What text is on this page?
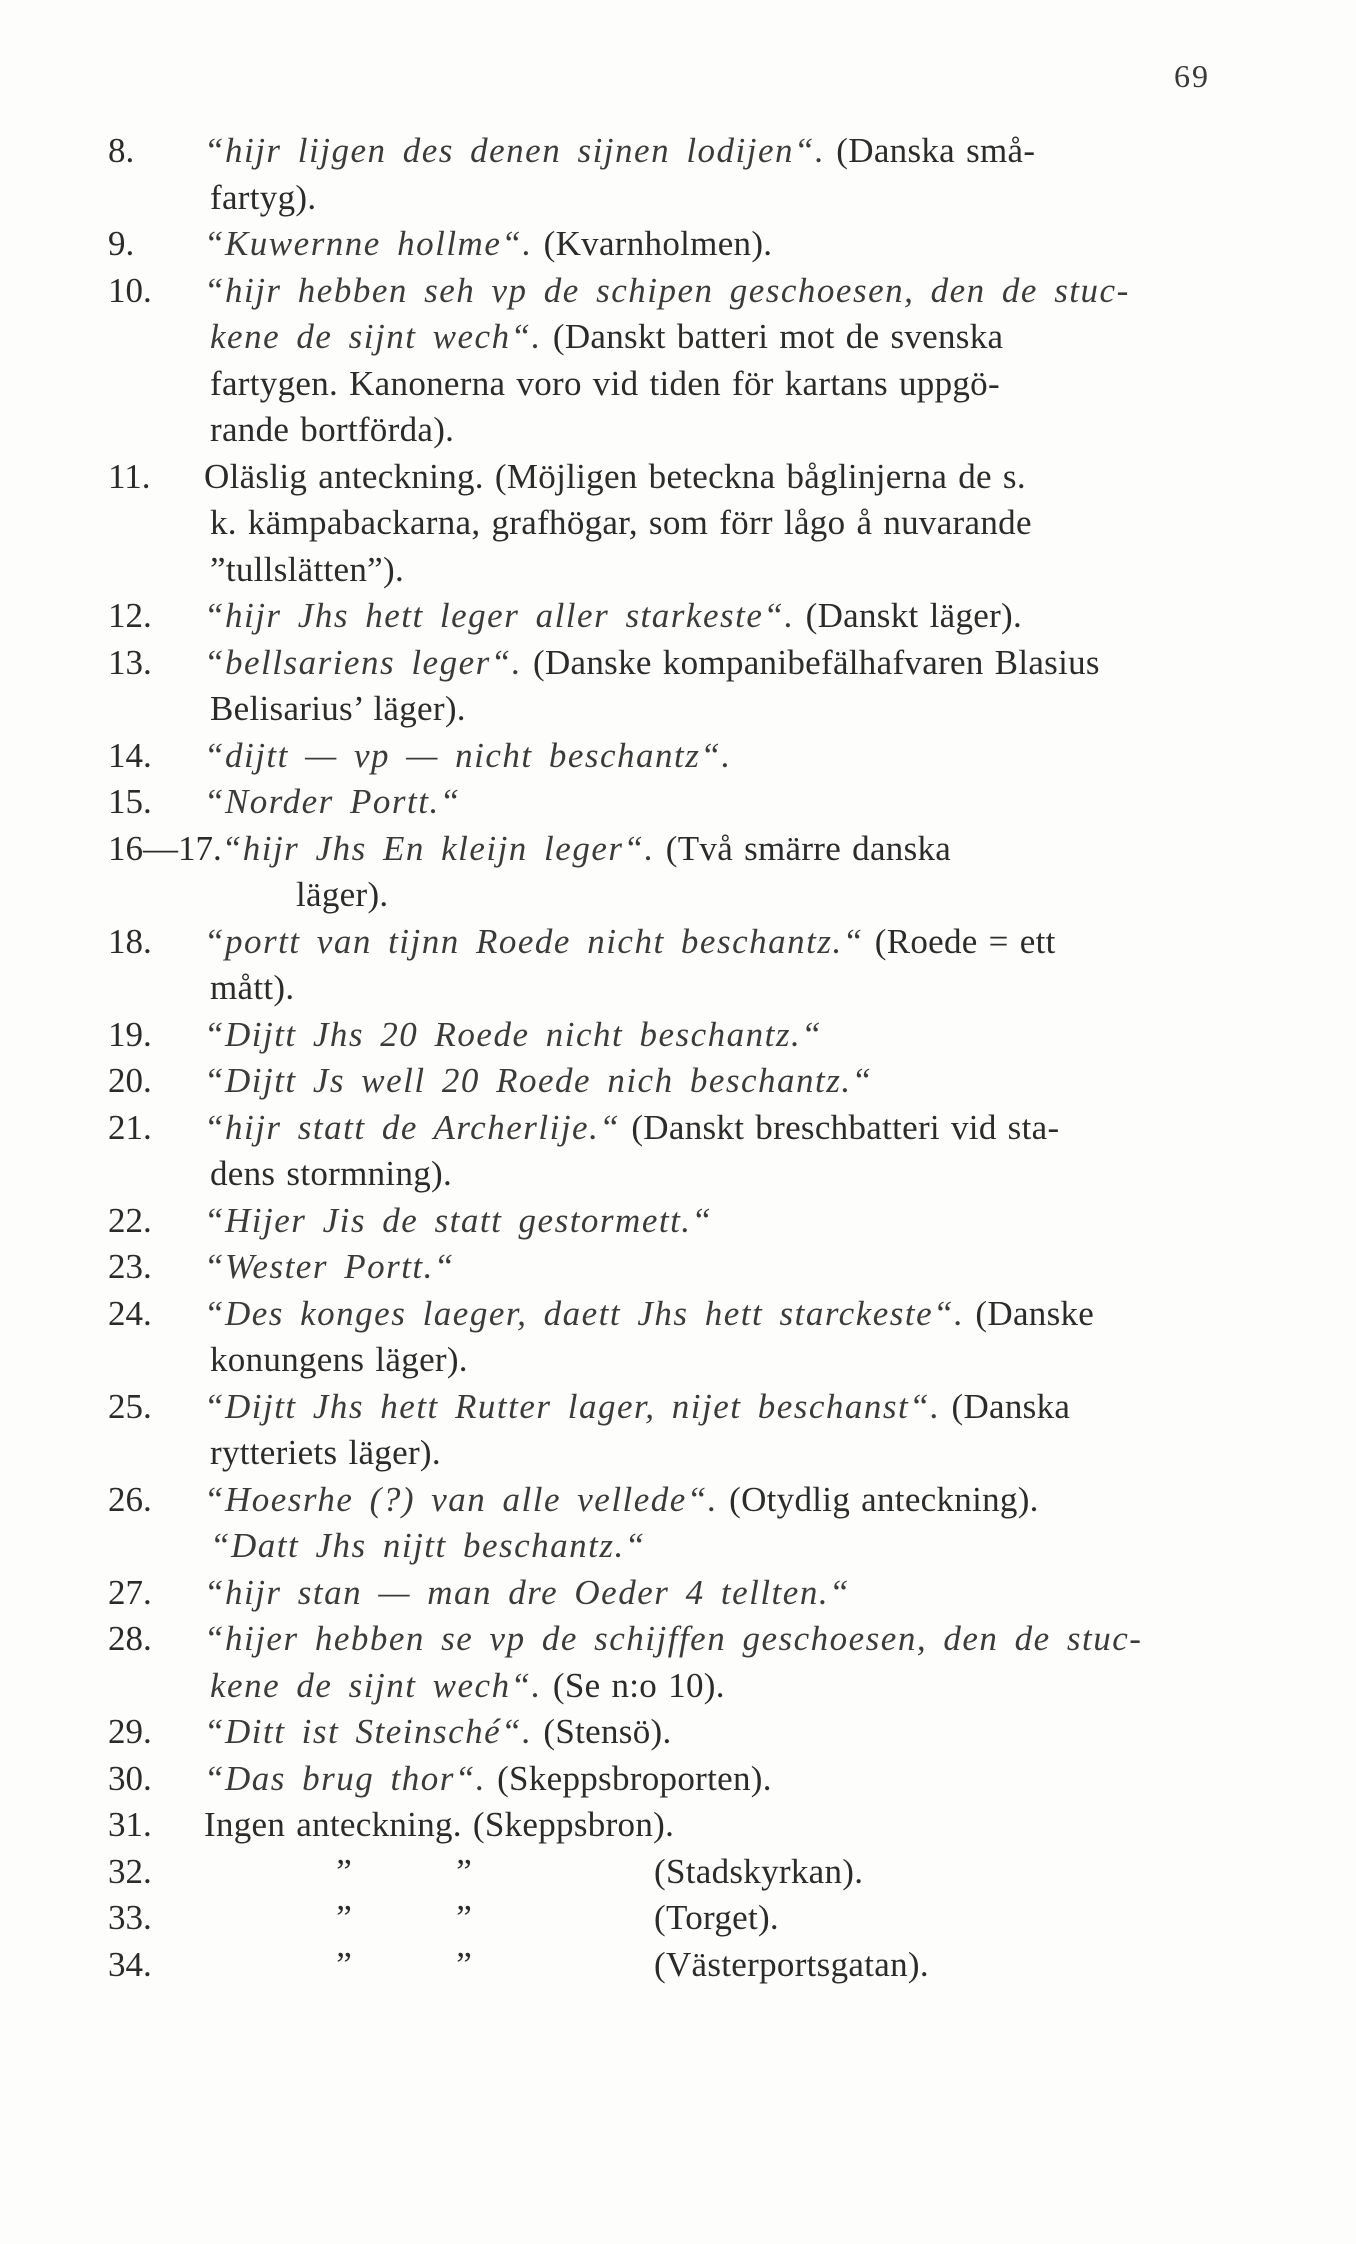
69
8. “hijr lijgen des denen sijnen lodijen“. (Danska små-
fartyg).
9. “Kuwernne hollme“. (Kvarnholmen).
10. “hijr hebben seh vp de schipen geschoesen, den de stuc-
kene de sijnt wech“. (Danskt batteri mot de svenska
fartygen. Kanonerna voro vid tiden för kartans uppgö-
rande bortförda).
11. Oläslig anteckning. (Möjligen beteckna båglinjerna de s.
k. kämpabackarna, grafhögar, som förr lågo å nuvarande
”tullslätten”).
12. “hijr Jhs hett leger aller starkeste“. (Danskt läger).
13. “bellsariens leger“. (Danske kompanibefälhafvaren Blasius
Belisarius’ läger).
14. “dijtt — vp — nicht beschantz“.
15. “Norder Portt.“
16—17.“hijr Jhs En kleijn leger“. (Två smärre danska
läger).
18. “portt van tijnn Roede nicht beschantz.“ (Roede = ett
mått).
19. “Dijtt Jhs 20 Roede nicht beschantz.“
20. “Dijtt Js well 20 Roede nich beschantz.“
21. “hijr statt de Archerlije.“ (Danskt breschbatteri vid sta-
dens stormning).
22. “Hijer Jis de statt gestormett.“
23. “Wester Portt.“
24. “Des konges laeger, daett Jhs hett starckeste“. (Danske
konungens läger).
25. “Dijtt Jhs hett Rutter lager, nijet beschanst“. (Danska
rytteriets läger).
26. “Hoesrhe (?) van alle vellede“. (Otydlig anteckning).
“Datt Jhs nijtt beschantz.“
27. “hijr stan — man dre Oeder 4 tellten.“
28. “hijer hebben se vp de schijffen geschoesen, den de stuc-
kene de sijnt wech“. (Se n:o 10).
29. “Ditt ist Steinsché“. (Stensö).
30. “Das brug thor“. (Skeppsbroporten).
31. Ingen anteckning. (Skeppsbron).
32.	”	”	(Stadskyrkan).
33.	”	”	(Torget).
34.	”	”	(Västerportsgatan).
